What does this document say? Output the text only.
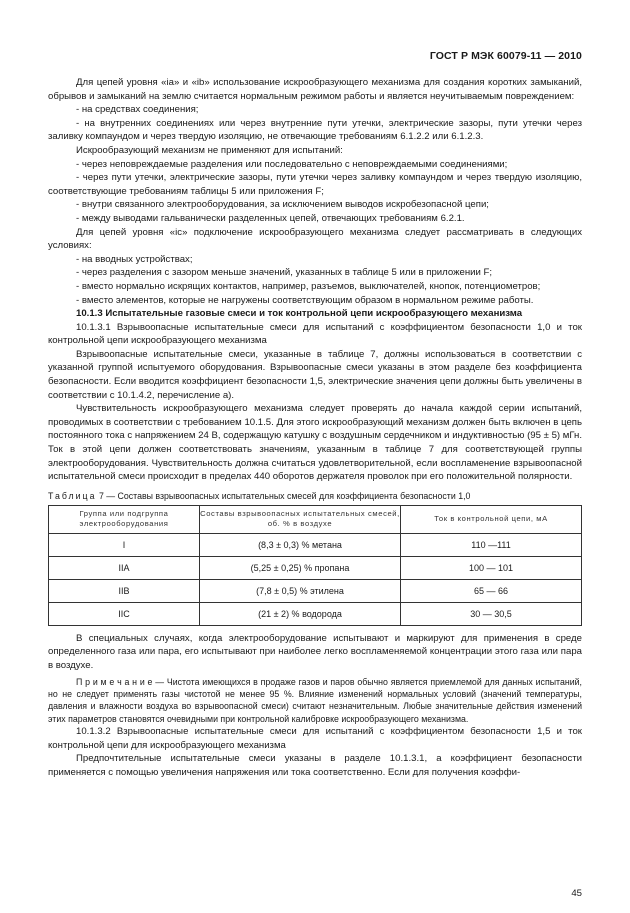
ГОСТ Р МЭК 60079-11 — 2010

Для цепей уровня «ia» и «ib» использование искрообразующего механизма для создания коротких замыканий, обрывов и замыканий на землю считается нормальным режимом работы и является неучитываемым повреждением:

- на средствах соединения;

- на внутренних соединениях или через внутренние пути утечки, электрические зазоры, пути утечки через заливку компаундом и через твердую изоляцию, не отвечающие требованиям 6.1.2.2 или 6.1.2.3.

Искрообразующий механизм не применяют для испытаний:

- через неповреждаемые разделения или последовательно с неповреждаемыми соединениями;

- через пути утечки, электрические зазоры, пути утечки через заливку компаундом и через твердую изоляцию, соответствующие требованиям таблицы 5 или приложения F;

- внутри связанного электрооборудования, за исключением выводов искробезопасной цепи;

- между выводами гальванически разделенных цепей, отвечающих требованиям 6.2.1.

Для цепей уровня «ic» подключение искрообразующего механизма следует рассматривать в следующих условиях:

- на вводных устройствах;

- через разделения с зазором меньше значений, указанных в таблице 5 или в приложении F;

- вместо нормально искрящих контактов, например, разъемов, выключателей, кнопок, потенциометров;

- вместо элементов, которые не нагружены соответствующим образом в нормальном режиме работы.

10.1.3 Испытательные газовые смеси и ток контрольной цепи искрообразующего механизма

10.1.3.1 Взрывоопасные испытательные смеси для испытаний с коэффициентом безопасности 1,0 и ток контрольной цепи искрообразующего механизма

Взрывоопасные испытательные смеси, указанные в таблице 7, должны использоваться в соответствии с указанной группой испытуемого оборудования. Взрывоопасные смеси указаны в этом разделе без коэффициента безопасности. Если вводится коэффициент безопасности 1,5, электрические значения цепи должны быть увеличены в соответствии с 10.1.4.2, перечисление а).

Чувствительность искрообразующего механизма следует проверять до начала каждой серии испытаний, проводимых в соответствии с требованием 10.1.5. Для этого искрообразующий механизм должен быть включен в цепь постоянного тока с напряжением 24 В, содержащую катушку с воздушным сердечником и индуктивностью (95 ± 5) мГн. Ток в этой цепи должен соответствовать значениям, указанным в таблице 7 для соответствующей группы электрооборудования. Чувствительность должна считаться удовлетворительной, если воспламенение взрывоопасной испытательной смеси происходит в пределах 440 оборотов держателя проволок при его положительной полярности.

Таблица 7 — Составы взрывоопасных испытательных смесей для коэффициента безопасности 1,0
Группа или подгруппа электрооборудования	Составы взрывоопасных испытательных смесей, об. % в воздухе	Ток в контрольной цепи, мА
I	(8,3 ± 0,3) % метана	110 —111
IIA	(5,25 ± 0,25) % пропана	100 — 101
IIB	(7,8 ± 0,5) % этилена	65 — 66
IIC	(21 ± 2) % водорода	30 — 30,5

В специальных случаях, когда электрооборудование испытывают и маркируют для применения в среде определенного газа или пара, его испытывают при наиболее легко воспламеняемой концентрации этого газа или пара в воздухе.

П р и м е ч а н и е — Чистота имеющихся в продаже газов и паров обычно является приемлемой для данных испытаний, но не следует применять газы чистотой не менее 95 %. Влияние изменений нормальных условий (значений температуры, давления и влажности воздуха во взрывоопасной смеси) считают незначительным. Любые значительные действия изменений этих параметров становятся очевидными при контрольной калибровке искрообразующего механизма.

10.1.3.2 Взрывоопасные испытательные смеси для испытаний с коэффициентом безопасности 1,5 и ток контрольной цепи для искрообразующего механизма

Предпочтительные испытательные смеси указаны в разделе 10.1.3.1, а коэффициент безопасности применяется с помощью увеличения напряжения или тока соответственно. Если для получения коэффи-

45
